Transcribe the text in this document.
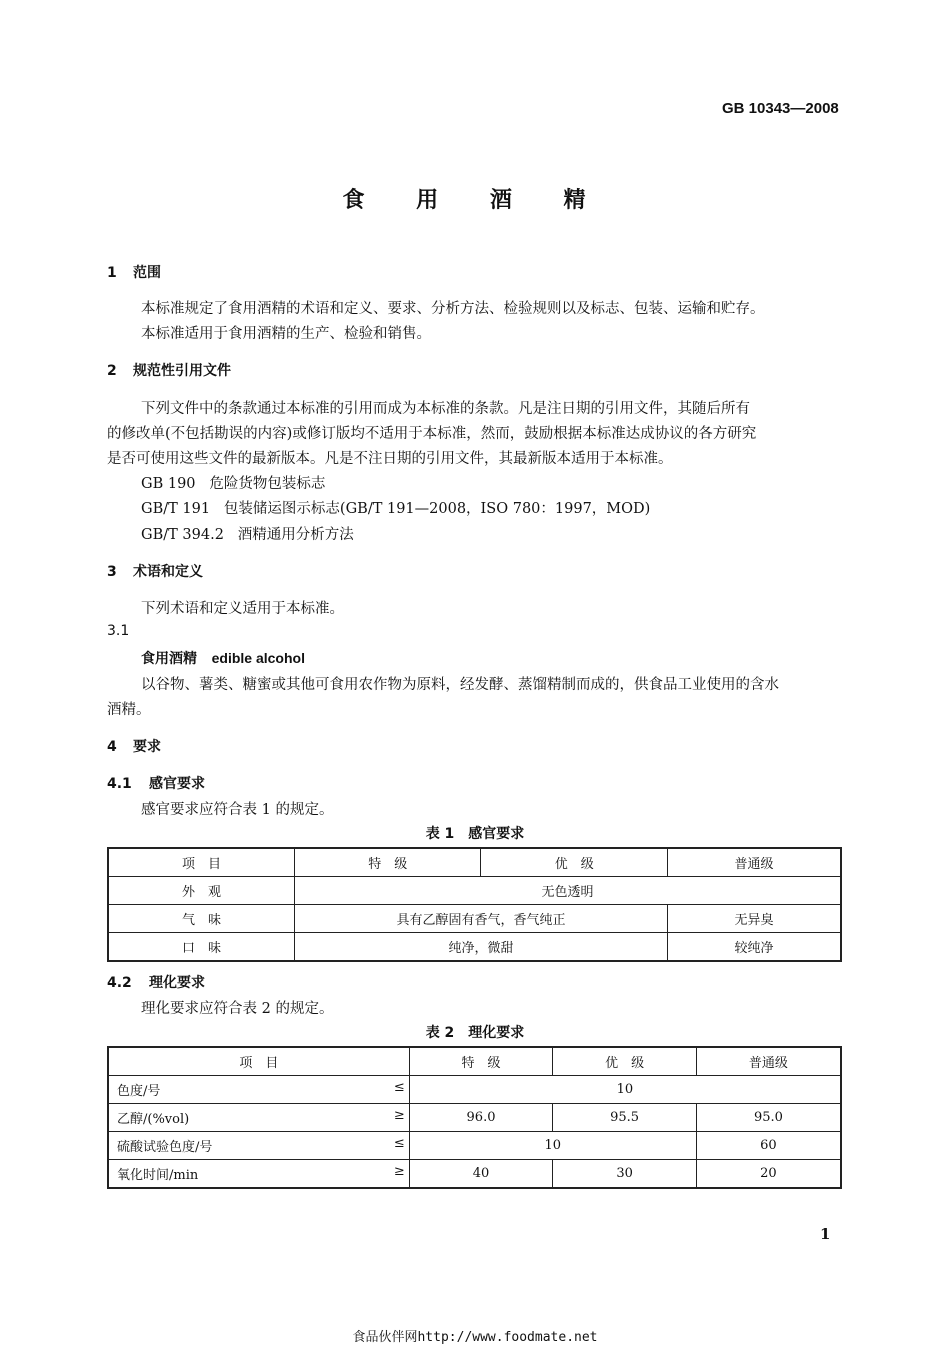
GB 10343—2008
食 用 酒 精
1 范围
本标准规定了食用酒精的术语和定义、要求、分析方法、检验规则以及标志、包装、运输和贮存。
本标准适用于食用酒精的生产、检验和销售。
2 规范性引用文件
下列文件中的条款通过本标准的引用而成为本标准的条款。凡是注日期的引用文件，其随后所有
的修改单(不包括勘误的内容)或修订版均不适用于本标准，然而，鼓励根据本标准达成协议的各方研究
是否可使用这些文件的最新版本。凡是不注日期的引用文件，其最新版本适用于本标准。
GB 190 危险货物包装标志
GB/T 191 包装储运图示标志(GB/T 191—2008，ISO 780：1997，MOD)
GB/T 394.2 酒精通用分析方法
3 术语和定义
下列术语和定义适用于本标准。
3.1
食用酒精 edible alcohol
以谷物、薯类、糖蜜或其他可食用农作物为原料，经发酵、蒸馏精制而成的，供食品工业使用的含水
酒精。
4 要求
4.1 感官要求
感官要求应符合表 1 的规定。
表 1　感官要求
项　目	特　级	优　级	普通级
外　观	无色透明		
气　味	具有乙醇固有香气，香气纯正		无异臭
口　味	纯净，微甜		较纯净
4.2 理化要求
理化要求应符合表 2 的规定。
表 2　理化要求
项　目	特　级	优　级	普通级

色度/号 ≤	10		

乙醇/(%vol) ≥	96.0	95.5	95.0

硫酸试验色度/号 ≤	10		60

氧化时间/min ≥	40	30	20
1
食品伙伴网http://www.foodmate.net
